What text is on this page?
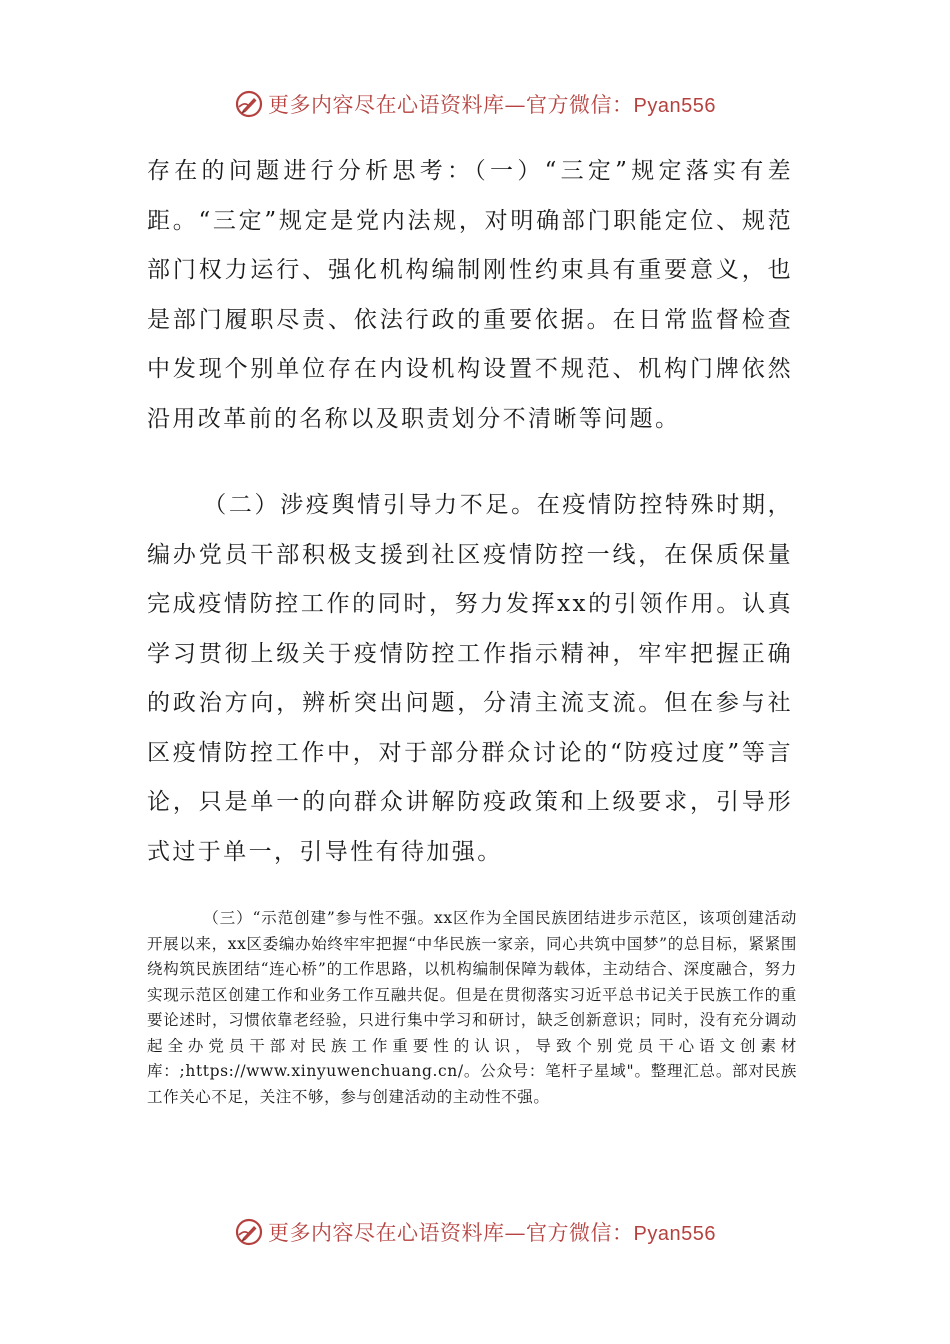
更多内容尽在心语资料库—官方微信：Pyan556

存在的问题进行分析思考：（一）“三定”规定落实有差距。“三定”规定是党内法规，对明确部门职能定位、规范部门权力运行、强化机构编制刚性约束具有重要意义，也是部门履职尽责、依法行政的重要依据。在日常监督检查中发现个别单位存在内设机构设置不规范、机构门牌依然沿用改革前的名称以及职责划分不清晰等问题。

（二）涉疫舆情引导力不足。在疫情防控特殊时期，编办党员干部积极支援到社区疫情防控一线，在保质保量完成疫情防控工作的同时，努力发挥xx的引领作用。认真学习贯彻上级关于疫情防控工作指示精神，牢牢把握正确的政治方向，辨析突出问题，分清主流支流。但在参与社区疫情防控工作中，对于部分群众讨论的“防疫过度”等言论，只是单一的向群众讲解防疫政策和上级要求，引导形式过于单一，引导性有待加强。

（三）“示范创建”参与性不强。xx区作为全国民族团结进步示范区，该项创建活动开展以来，xx区委编办始终牢牢把握“中华民族一家亲，同心共筑中国梦”的总目标，紧紧围绕构筑民族团结“连心桥”的工作思路，以机构编制保障为载体，主动结合、深度融合，努力实现示范区创建工作和业务工作互融共促。但是在贯彻落实习近平总书记关于民族工作的重要论述时，习惯依靠老经验，只进行集中学习和研讨，缺乏创新意识；同时，没有充分调动起全办党员干部对民族工作重要性的认识，导致个别党员干心语文创素材库：;https://www.xinyuwenchuang.cn/。公众号：笔杆子星域"。整理汇总。部对民族工作关心不足，关注不够，参与创建活动的主动性不强。

更多内容尽在心语资料库—官方微信：Pyan556
